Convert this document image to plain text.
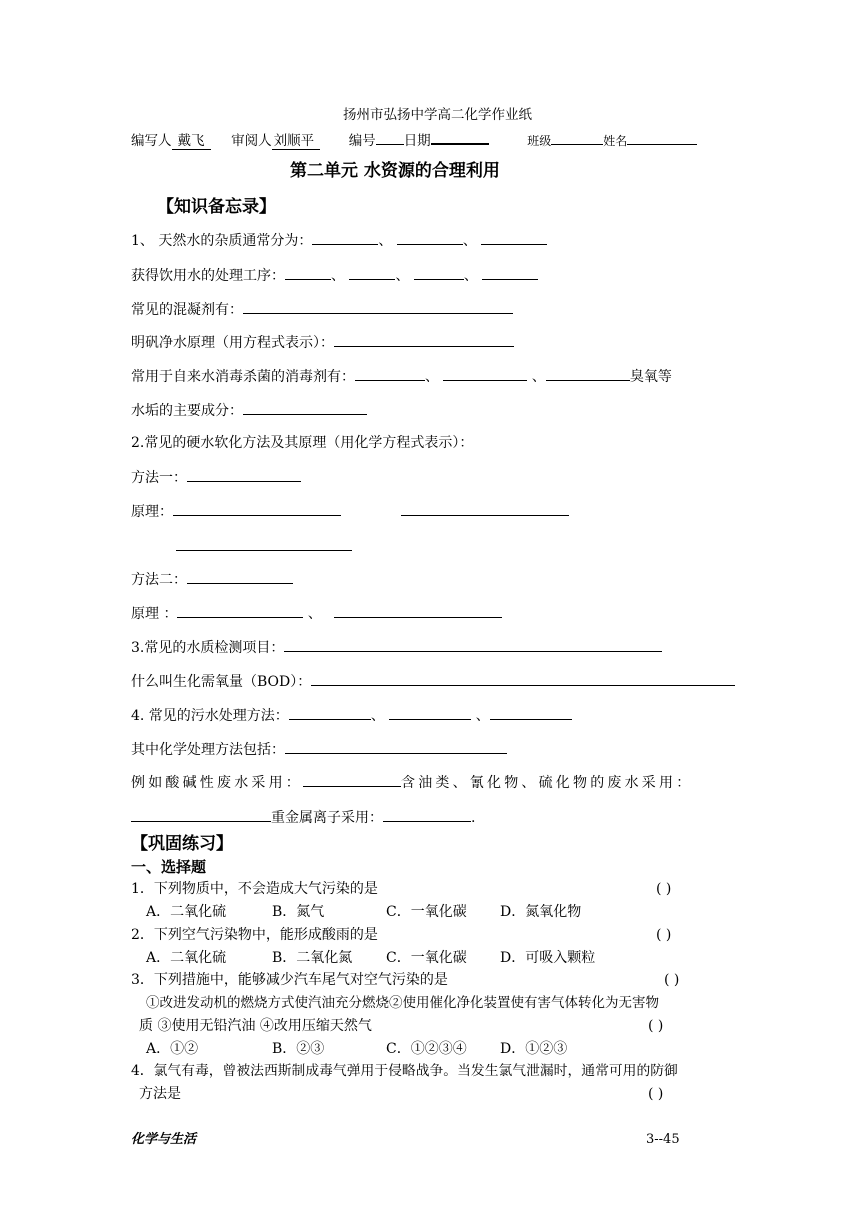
扬州市弘扬中学高二化学作业纸
编写人 戴飞 审阅人 刘顺平	编号 日期	班级	姓名
第二单元 水资源的合理利用
【知识备忘录】
1、 天然水的杂质通常分为：	、	、
获得饮用水的处理工序：	、	、	、
常见的混凝剂有：
明矾净水原理（用方程式表示）：
常用于自来水消毒杀菌的消毒剂有：	、	、	臭氧等
水垢的主要成分：
2.常见的硬水软化方法及其原理（用化学方程式表示）：
方法一：
原理：
方法二：
原理 ：	、
3.常见的水质检测项目：
什么叫生化需氧量（BOD）：
4. 常见的污水处理方法：	、	、
其中化学处理方法包括：
例如酸碱性废水采用：	含油类、氰化物、硫化物的废水采用：
重金属离子采用：	.
【巩固练习】
一、选择题
1．下列物质中，不会造成大气污染的是	( )
A．二氧化硫	B．氮气	C．一氧化碳 D．氮氧化物
2．下列空气污染物中，能形成酸雨的是	( )
A．二氧化硫	B．二氧化氮 C．一氧化碳 D．可吸入颗粒
3．下列措施中，能够减少汽车尾气对空气污染的是	( )
①改进发动机的燃烧方式使汽油充分燃烧②使用催化净化装置使有害气体转化为无害物
质 ③使用无铅汽油 ④改用压缩天然气	( )
A．①②	B．②③	C．①②③④ D．①②③
4．氯气有毒，曾被法西斯制成毒气弹用于侵略战争。当发生氯气泄漏时，通常可用的防御
方法是	( )
化学与生活	3--45
